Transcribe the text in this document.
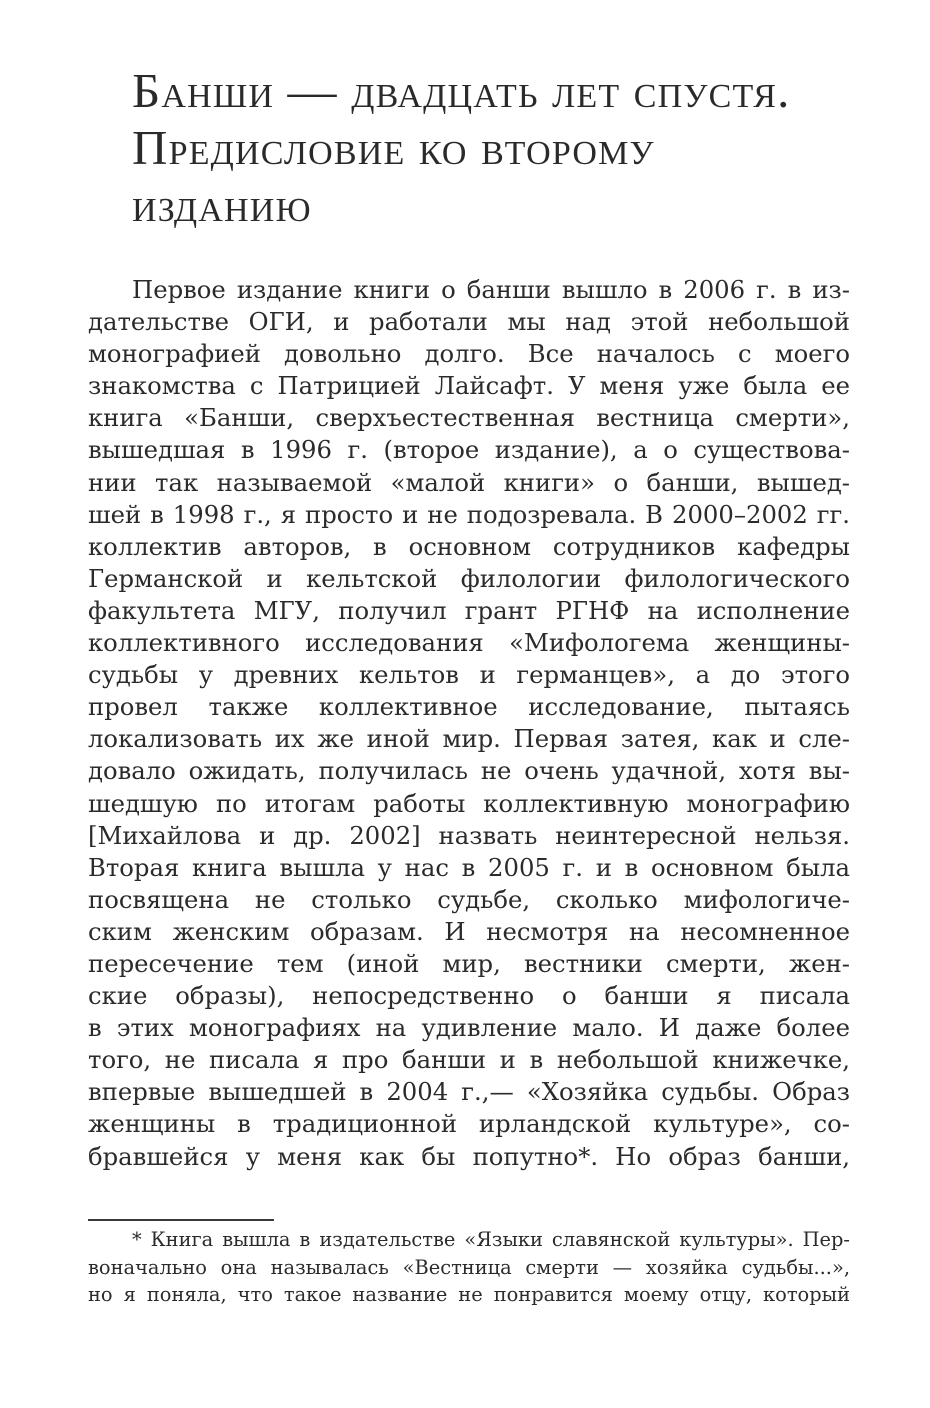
Банши — двадцать лет спустя.
Предисловие ко второму
изданию
Первое издание книги о банши вышло в 2006 г. в из-
дательстве ОГИ, и работали мы над этой небольшой
монографией довольно долго. Все началось с моего
знакомства с Патрицией Лайсафт. У меня уже была ее
книга «Банши, сверхъестественная вестница смерти»,
вышедшая в 1996 г. (второе издание), а о существова-
нии так называемой «малой книги» о банши, вышед-
шей в 1998 г., я просто и не подозревала. В 2000–2002 гг.
коллектив авторов, в основном сотрудников кафедры
Германской и кельтской филологии филологического
факультета МГУ, получил грант РГНФ на исполнение
коллективного исследования «Мифологема женщины-
судьбы у древних кельтов и германцев», а до этого
провел также коллективное исследование, пытаясь
локализовать их же иной мир. Первая затея, как и сле-
довало ожидать, получилась не очень удачной, хотя вы-
шедшую по итогам работы коллективную монографию
[Михайлова и др. 2002] назвать неинтересной нельзя.
Вторая книга вышла у нас в 2005 г. и в основном была
посвящена не столько судьбе, сколько мифологиче-
ским женским образам. И несмотря на несомненное
пересечение тем (иной мир, вестники смерти, жен-
ские образы), непосредственно о банши я писала
в этих монографиях на удивление мало. И даже более
того, не писала я про банши и в небольшой книжечке,
впервые вышедшей в 2004 г.,— «Хозяйка судьбы. Образ
женщины в традиционной ирландской культуре», со-
бравшейся у меня как бы попутно*. Но образ банши,
* Книга вышла в издательстве «Языки славянской культуры». Пер-
воначально она называлась «Вестница смерти — хозяйка судьбы...»,
но я поняла, что такое название не понравится моему отцу, который
